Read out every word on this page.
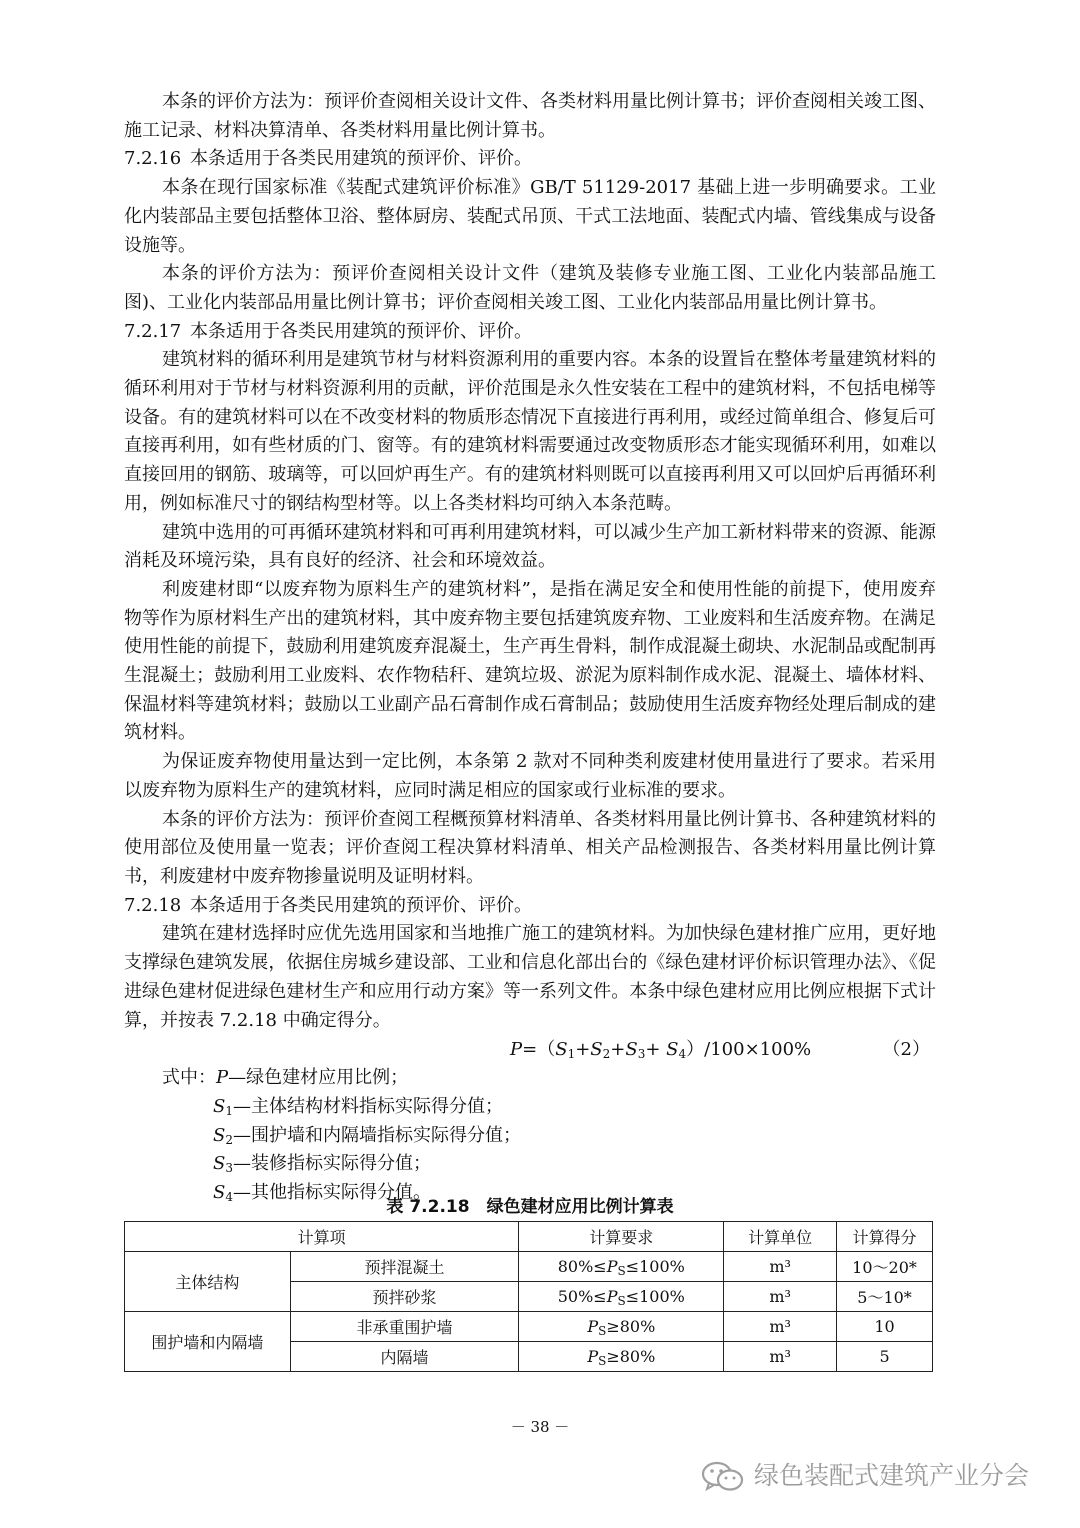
本条的评价方法为：预评价查阅相关设计文件、各类材料用量比例计算书；评价查阅相关竣工图、施工记录、材料决算清单、各类材料用量比例计算书。

7.2.16 本条适用于各类民用建筑的预评价、评价。

本条在现行国家标准《装配式建筑评价标准》GB/T 51129-2017 基础上进一步明确要求。工业化内装部品主要包括整体卫浴、整体厨房、装配式吊顶、干式工法地面、装配式内墙、管线集成与设备设施等。

本条的评价方法为：预评价查阅相关设计文件（建筑及装修专业施工图、工业化内装部品施工图)、工业化内装部品用量比例计算书；评价查阅相关竣工图、工业化内装部品用量比例计算书。

7.2.17 本条适用于各类民用建筑的预评价、评价。

建筑材料的循环利用是建筑节材与材料资源利用的重要内容。本条的设置旨在整体考量建筑材料的循环利用对于节材与材料资源利用的贡献，评价范围是永久性安装在工程中的建筑材料，不包括电梯等设备。有的建筑材料可以在不改变材料的物质形态情况下直接进行再利用，或经过简单组合、修复后可直接再利用，如有些材质的门、窗等。有的建筑材料需要通过改变物质形态才能实现循环利用，如难以直接回用的钢筋、玻璃等，可以回炉再生产。有的建筑材料则既可以直接再利用又可以回炉后再循环利用，例如标准尺寸的钢结构型材等。以上各类材料均可纳入本条范畴。

建筑中选用的可再循环建筑材料和可再利用建筑材料，可以减少生产加工新材料带来的资源、能源消耗及环境污染，具有良好的经济、社会和环境效益。

利废建材即“以废弃物为原料生产的建筑材料”，是指在满足安全和使用性能的前提下，使用废弃物等作为原材料生产出的建筑材料，其中废弃物主要包括建筑废弃物、工业废料和生活废弃物。在满足使用性能的前提下，鼓励利用建筑废弃混凝土，生产再生骨料，制作成混凝土砌块、水泥制品或配制再生混凝土；鼓励利用工业废料、农作物秸秆、建筑垃圾、淤泥为原料制作成水泥、混凝土、墙体材料、保温材料等建筑材料；鼓励以工业副产品石膏制作成石膏制品；鼓励使用生活废弃物经处理后制成的建筑材料。

为保证废弃物使用量达到一定比例，本条第 2 款对不同种类利废建材使用量进行了要求。若采用以废弃物为原料生产的建筑材料，应同时满足相应的国家或行业标准的要求。

本条的评价方法为：预评价查阅工程概预算材料清单、各类材料用量比例计算书、各种建筑材料的使用部位及使用量一览表；评价查阅工程决算材料清单、相关产品检测报告、各类材料用量比例计算书，利废建材中废弃物掺量说明及证明材料。

7.2.18 本条适用于各类民用建筑的预评价、评价。

建筑在建材选择时应优先选用国家和当地推广施工的建筑材料。为加快绿色建材推广应用，更好地支撑绿色建筑发展，依据住房城乡建设部、工业和信息化部出台的《绿色建材评价标识管理办法》、《促进绿色建材促进绿色建材生产和应用行动方案》等一系列文件。本条中绿色建材应用比例应根据下式计算，并按表 7.2.18 中确定得分。

$P=(S_1+S_2+S_3+ S_4)/100\times 100\%$	（2）
式中：P—绿色建材应用比例；
$S_1—$主体结构材料指标实际得分值；
$S_2—$围护墙和内隔墙指标实际得分值；
$S_3—$装修指标实际得分值；
$S_4—$其他指标实际得分值。
表 7.2.18　绿色建材应用比例计算表
计算项		计算要求	计算单位	计算得分
主体结构	预拌混凝土	$80\%\le P_S\le 100\%$	m³	10～20*
	预拌砂浆	$50\%\le P_S\le 100\%$	m³	5～10*
围护墙和内隔墙	非承重围护墙	$P_S\ge 80\%$	m³	10
	内隔墙	$P_S\ge 80\%$	m³	5
－ 38 －
绿色装配式建筑产业分会
